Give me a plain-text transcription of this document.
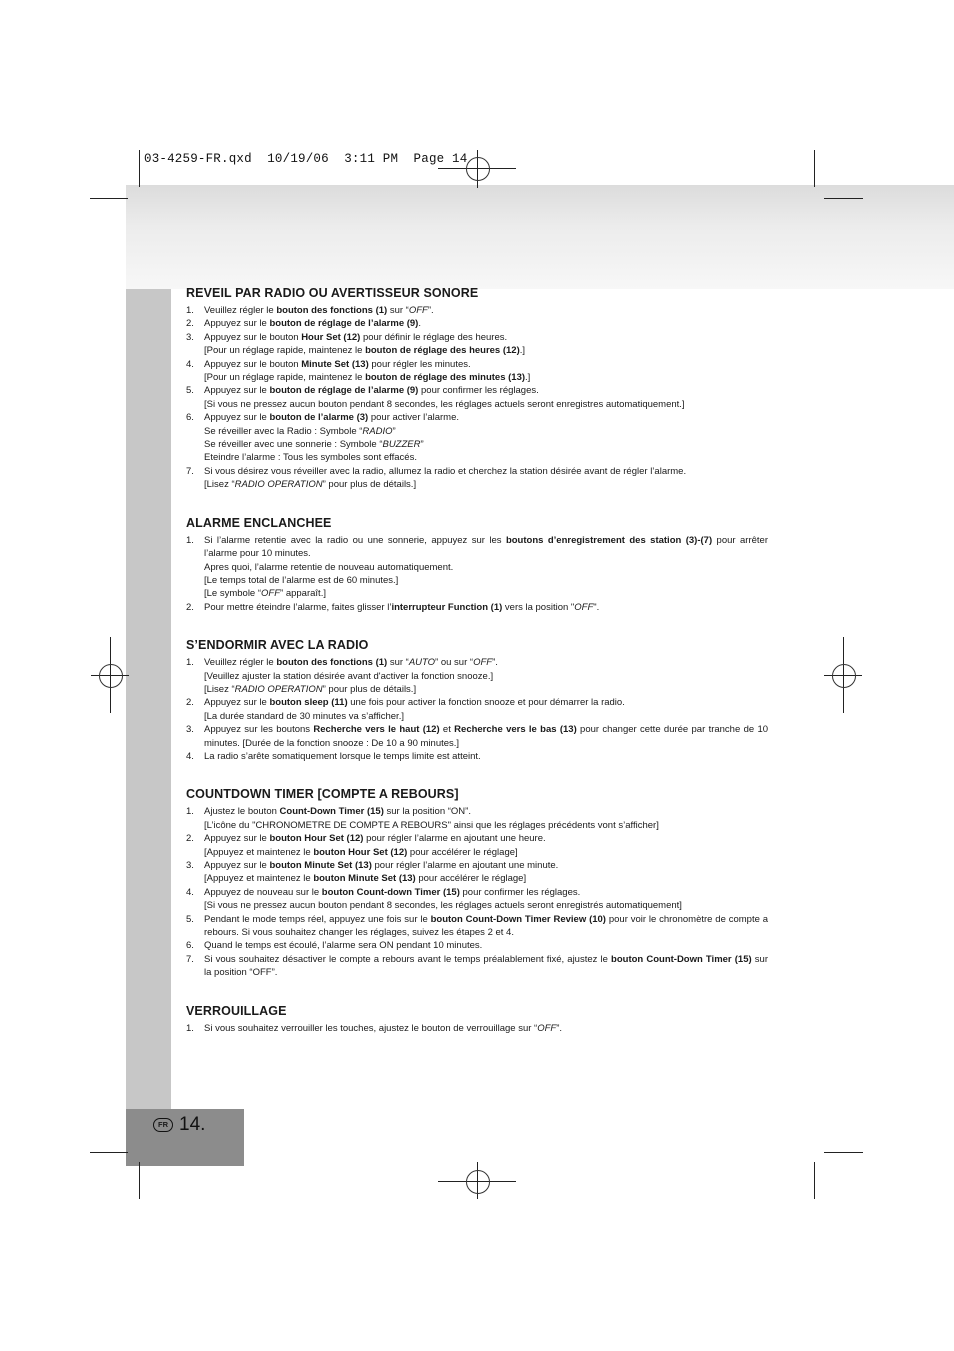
03-4259-FR.qxd  10/19/06  3:11 PM  Page 14
FR 14.
REVEIL PAR RADIO OU AVERTISSEUR SONORE
1.	Veuillez régler le bouton des fonctions (1) sur “OFF”.
2.	Appuyez sur le bouton de réglage de l’alarme (9).
3.	Appuyez sur le bouton Hour Set (12) pour définir le réglage des heures.
[Pour un réglage rapide, maintenez le bouton de réglage des heures (12).]
4.	Appuyez sur le bouton Minute Set (13) pour régler les minutes.
[Pour un réglage rapide, maintenez le bouton de réglage des minutes (13).]
5.	Appuyez sur le bouton de réglage de l’alarme (9) pour confirmer les réglages.
[Si vous ne pressez aucun bouton pendant 8 secondes, les réglages actuels seront enregistres automatiquement.]
6.	Appuyez sur le bouton de l’alarme (3) pour activer l’alarme.
Se réveiller avec la Radio : Symbole “RADIO”
Se réveiller avec une sonnerie : Symbole “BUZZER”
Eteindre l’alarme : Tous les symboles sont effacés.
7.	Si vous désirez vous réveiller avec la radio, allumez la radio et cherchez la station désirée avant de régler l’alarme.
[Lisez “RADIO OPERATION” pour plus de détails.]
ALARME ENCLANCHEE
1.	Si l’alarme retentie avec la radio ou une sonnerie, appuyez sur les boutons d’enregistrement des station (3)-(7) pour arrêter l’alarme pour 10 minutes.
Apres quoi, l’alarme retentie de nouveau automatiquement.
[Le temps total de l’alarme est de 60 minutes.]
[Le symbole “OFF” apparaît.]
2.	Pour mettre éteindre l’alarme, faites glisser l’interrupteur Function (1) vers la position "OFF".
S’ENDORMIR AVEC LA RADIO
1.	Veuillez régler le bouton des fonctions (1) sur “AUTO” ou sur “OFF”.
[Veuillez ajuster la station désirée avant d'activer la fonction snooze.]
[Lisez “RADIO OPERATION” pour plus de détails.]
2.	Appuyez sur le bouton sleep (11) une fois pour activer la fonction snooze et pour démarrer la radio.
[La durée standard de 30 minutes va s’afficher.]
3.	Appuyez sur les boutons Recherche vers le haut (12) et Recherche vers le bas (13) pour changer cette durée par tranche de 10 minutes. [Durée de la fonction snooze : De 10 a 90 minutes.]
4.	La radio s’arête somatiquement lorsque le temps limite est atteint.
COUNTDOWN TIMER [COMPTE A REBOURS]
1.	Ajustez le bouton Count-Down Timer (15) sur la position “ON”.
[L’icône du "CHRONOMETRE DE COMPTE A REBOURS" ainsi que les réglages précédents vont s’afficher]
2.	Appuyez sur le bouton Hour Set (12) pour régler l’alarme en ajoutant une heure.
[Appuyez et maintenez le bouton Hour Set (12) pour accélérer le réglage]
3.	Appuyez sur le bouton Minute Set (13) pour régler l’alarme en ajoutant une minute.
[Appuyez et maintenez le bouton Minute Set (13) pour accélérer le réglage]
4.	Appuyez de nouveau sur le bouton Count-down Timer (15) pour confirmer les réglages.
[Si vous ne pressez aucun bouton pendant 8 secondes, les réglages actuels seront enregistrés automatiquement]
5.	Pendant le mode temps réel, appuyez une fois sur le bouton Count-Down Timer Review (10) pour voir le chronomètre de compte a rebours. Si vous souhaitez changer les réglages, suivez les étapes 2 et 4.
6.	Quand le temps est écoulé, l’alarme sera ON pendant 10 minutes.
7.	Si vous souhaitez désactiver le compte a rebours avant le temps préalablement fixé, ajustez le bouton Count-Down Timer (15) sur la position “OFF”.
VERROUILLAGE
1.	Si vous souhaitez verrouiller les touches, ajustez le bouton de verrouillage sur “OFF”.
